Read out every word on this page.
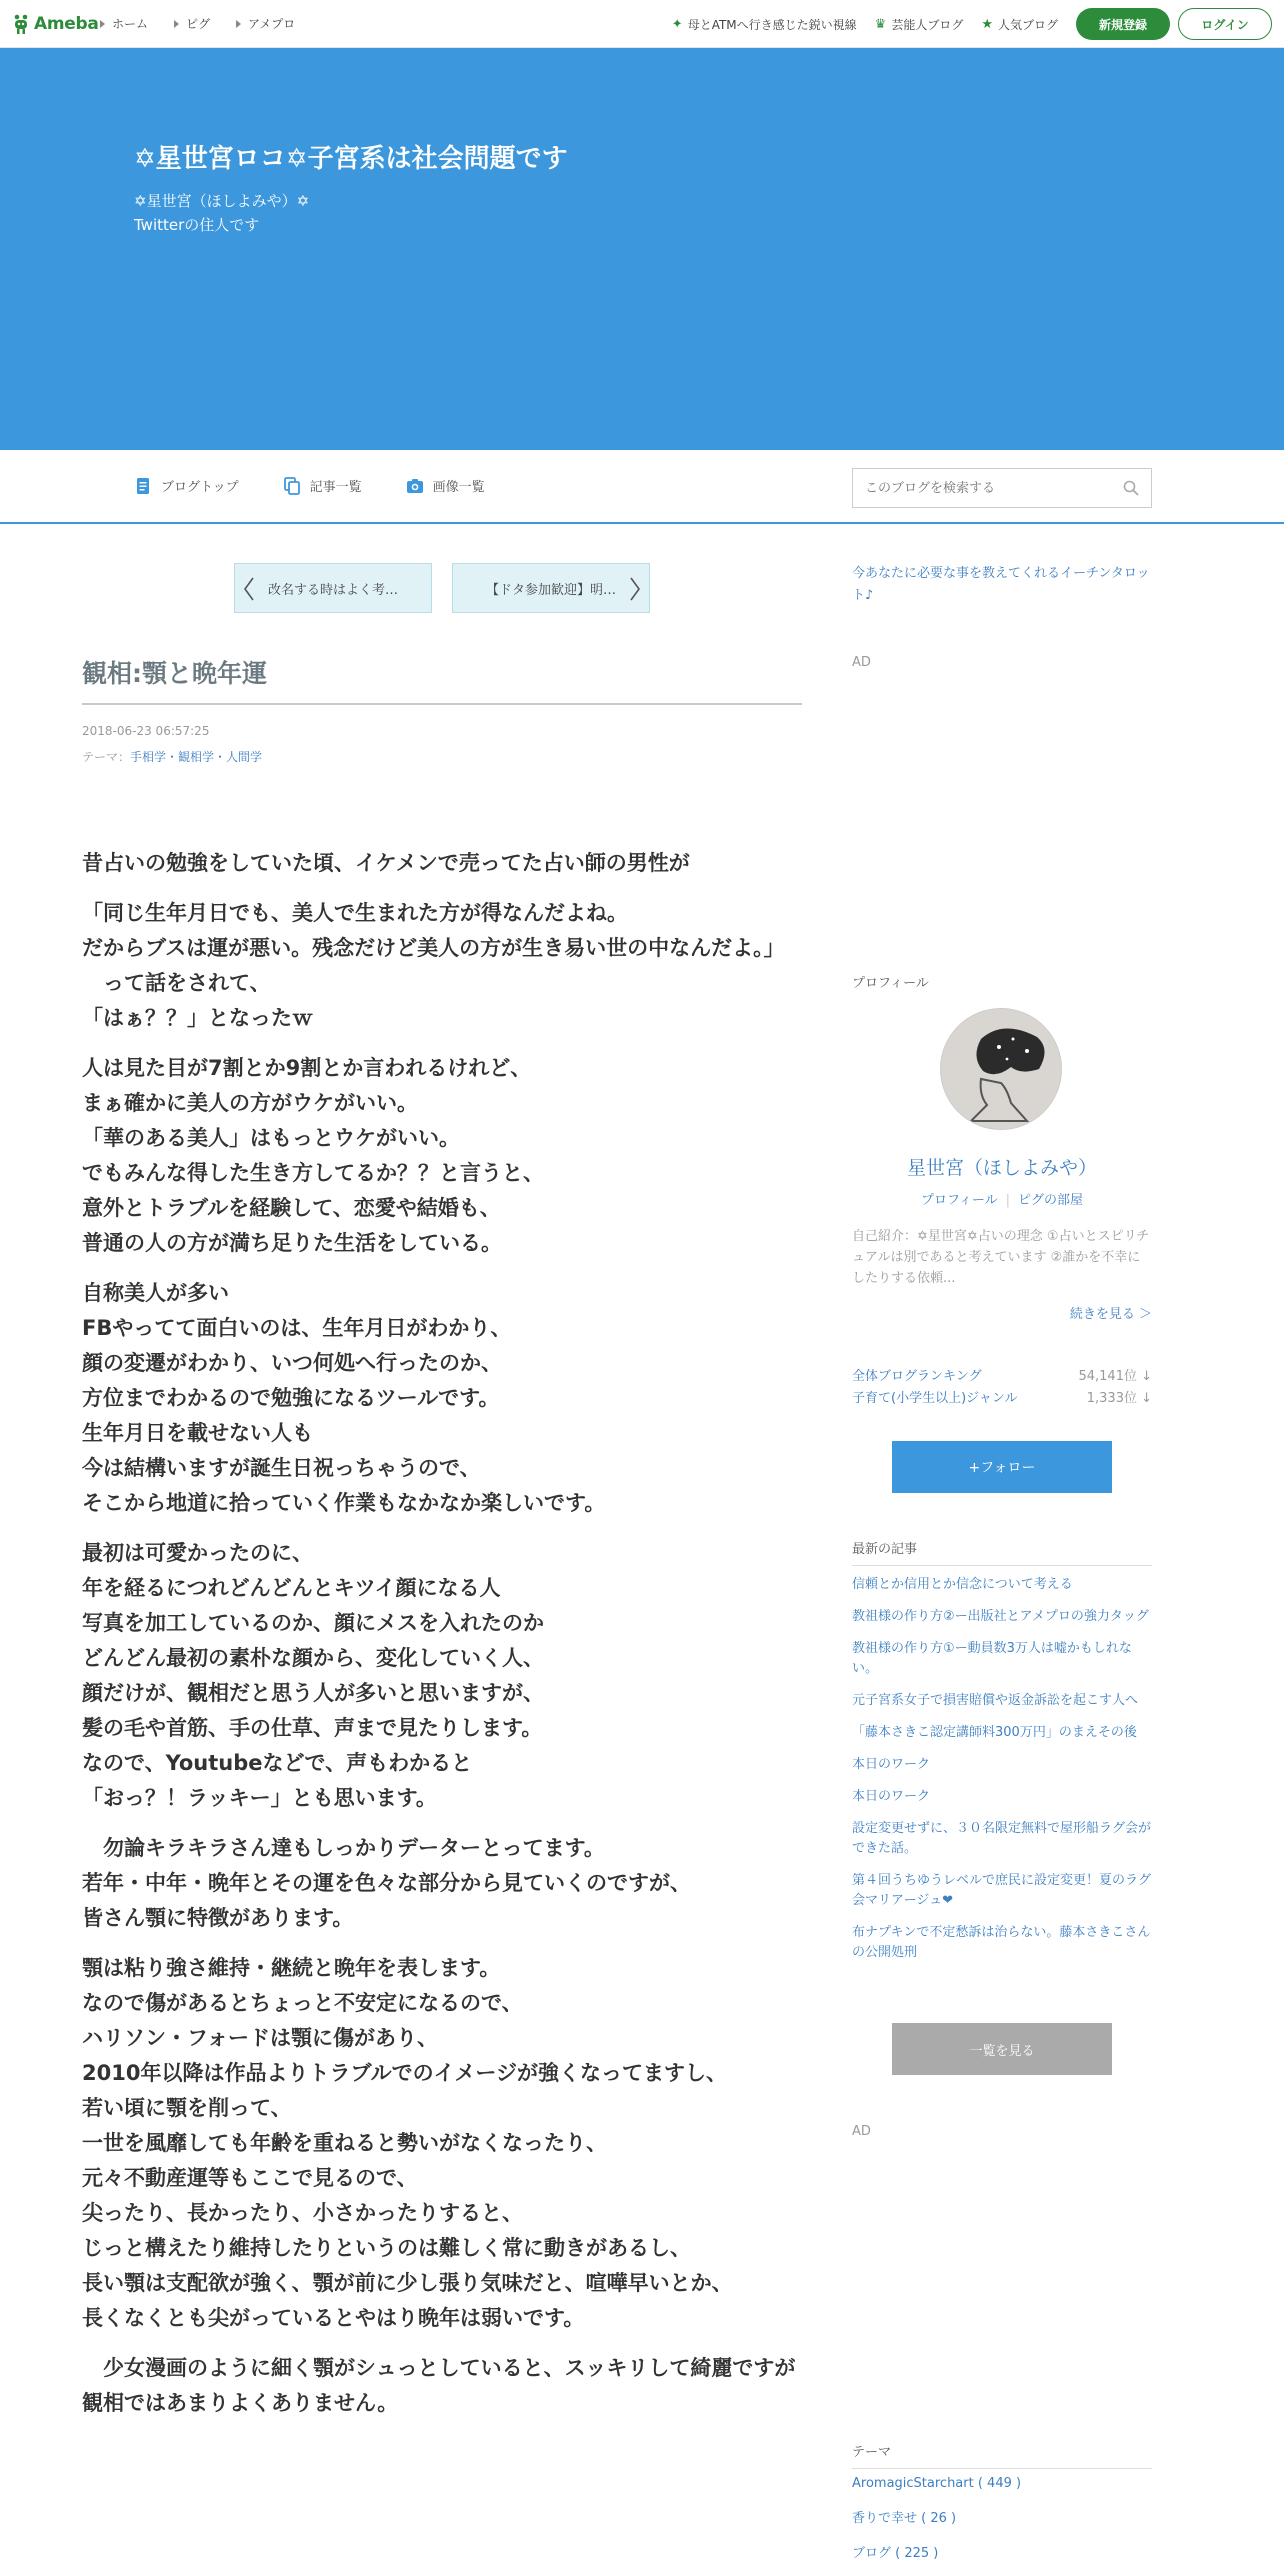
Ameba	ホーム	ピグ	アメプロ	✦ 母とATMへ行き感じた鋭い視線 ♛ 芸能人ブログ ★ 人気ブログ	新規登録	ログイン
✡星世宮ロコ✡子宮系は社会問題です
✡星世宮（ほしよみや）✡
Twitterの住人です
ブログトップ	記事一覧	画像一覧
このブログを検索する
改名する時はよく考…	【ドタ参加歓迎】明…
観相:顎と晩年運
2018-06-23 06:57:25
テーマ：手相学・観相学・人間学

昔占いの勉強をしていた頃、イケメンで売ってた占い師の男性が

「同じ生年月日でも、美人で生まれた方が得なんだよね。
だからブスは運が悪い。残念だけど美人の方が生き易い世の中なんだよ。」
　って話をされて、
「はぁ？？」となったｗ

人は見た目が7割とか9割とか言われるけれど、
まぁ確かに美人の方がウケがいい。
「華のある美人」はもっとウケがいい。
でもみんな得した生き方してるか？？と言うと、
意外とトラブルを経験して、恋愛や結婚も、
普通の人の方が満ち足りた生活をしている。

自称美人が多い
FBやってて面白いのは、生年月日がわかり、
顔の変遷がわかり、いつ何処へ行ったのか、
方位までわかるので勉強になるツールです。
生年月日を載せない人も
今は結構いますが誕生日祝っちゃうので、
そこから地道に拾っていく作業もなかなか楽しいです。

最初は可愛かったのに、
年を経るにつれどんどんとキツイ顔になる人
写真を加工しているのか、顔にメスを入れたのか
どんどん最初の素朴な顔から、変化していく人、
顔だけが、観相だと思う人が多いと思いますが、
髪の毛や首筋、手の仕草、声まで見たりします。
なので、Youtubeなどで、声もわかると
「おっ？！ラッキー」とも思います。

　勿論キラキラさん達もしっかりデーターとってます。
若年・中年・晩年とその運を色々な部分から見ていくのですが、
皆さん顎に特徴があります。

顎は粘り強さ維持・継続と晩年を表します。
なので傷があるとちょっと不安定になるので、
ハリソン・フォードは顎に傷があり、
2010年以降は作品よりトラブルでのイメージが強くなってますし、
若い頃に顎を削って、
一世を風靡しても年齢を重ねると勢いがなくなったり、
元々不動産運等もここで見るので、
尖ったり、長かったり、小さかったりすると、
じっと構えたり維持したりというのは難しく常に動きがあるし、
長い顎は支配欲が強く、顎が前に少し張り気味だと、喧嘩早いとか、
長くなくとも尖がっているとやはり晩年は弱いです。

　少女漫画のように細く顎がシュっとしていると、スッキリして綺麗ですが
観相ではあまりよくありません。

今あなたに必要な事を教えてくれるイーチンタロット♪
AD
プロフィール
星世宮（ほしよみや）
プロフィール | ピグの部屋
自己紹介：✡星世宮✡占いの理念 ①占いとスピリチュアルは別であると考えています ②誰かを不幸にしたりする依頼...
続きを見る ＞
全体ブログランキング	54,141位 ↓
子育て(小学生以上)ジャンル	1,333位 ↓
+フォロー
最新の記事
信頼とか信用とか信念について考える
教祖様の作り方②ー出版社とアメプロの強力タッグ
教祖様の作り方①ー動員数3万人は嘘かもしれない。
元子宮系女子で損害賠償や返金訴訟を起こす人へ
「藤本さきこ認定講師料300万円」のまえその後
本日のワーク
本日のワーク
設定変更せずに、３０名限定無料で屋形船ラグ会ができた話。
第４回うちゆうレベルで庶民に設定変更！夏のラグ会マリアージュ❤
布ナプキンで不定愁訴は治らない。藤本さきこさんの公開処刑
一覧を見る
AD
テーマ
AromagicStarchart ( 449 )
香りで幸せ ( 26 )
ブログ ( 225 )
